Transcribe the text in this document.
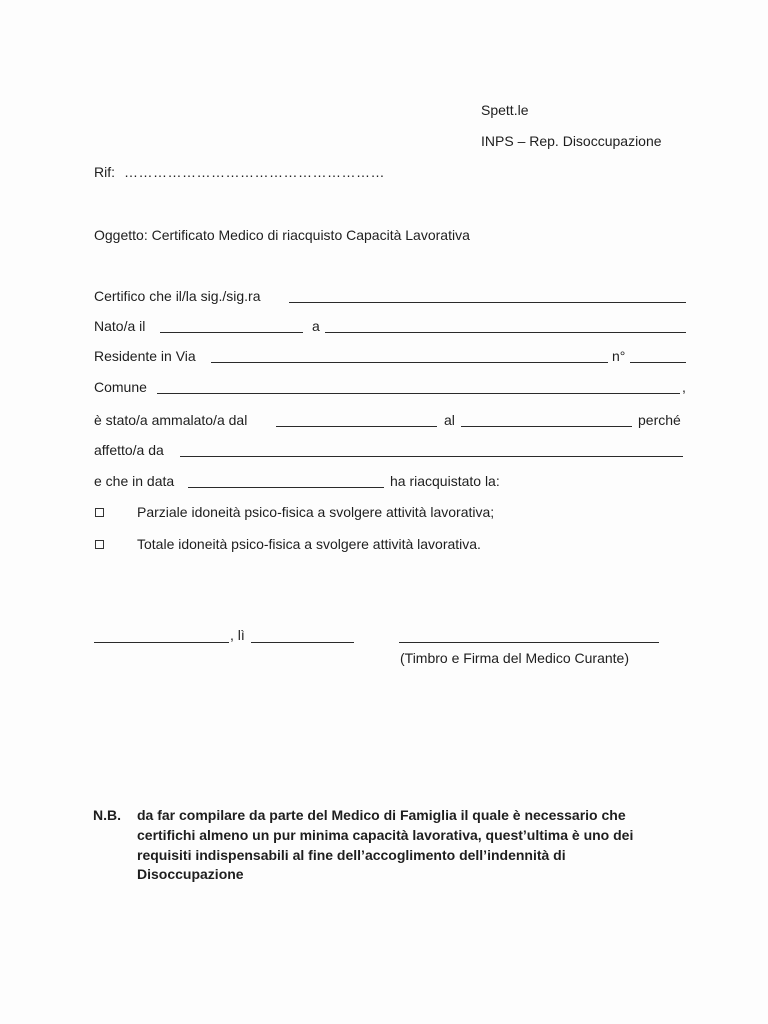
Spett.le
INPS – Rep. Disoccupazione
Rif: ………………………………………………
Oggetto: Certificato Medico di riacquisto Capacità Lavorativa
Certifico che il/la sig./sig.ra
Nato/a il	a
Residente in Via	n°
Comune	,
è stato/a ammalato/a dal	al	perché
affetto/a da
e che in data	ha riacquistato la:
Parziale idoneità psico-fisica a svolgere attività lavorativa;
Totale idoneità psico-fisica a svolgere attività lavorativa.
, lì
(Timbro e Firma del Medico Curante)
N.B. da far compilare da parte del Medico di Famiglia il quale è necessario che
certifichi almeno un pur minima capacità lavorativa, quest’ultima è uno dei
requisiti indispensabili al fine dell’accoglimento dell’indennità di
Disoccupazione
